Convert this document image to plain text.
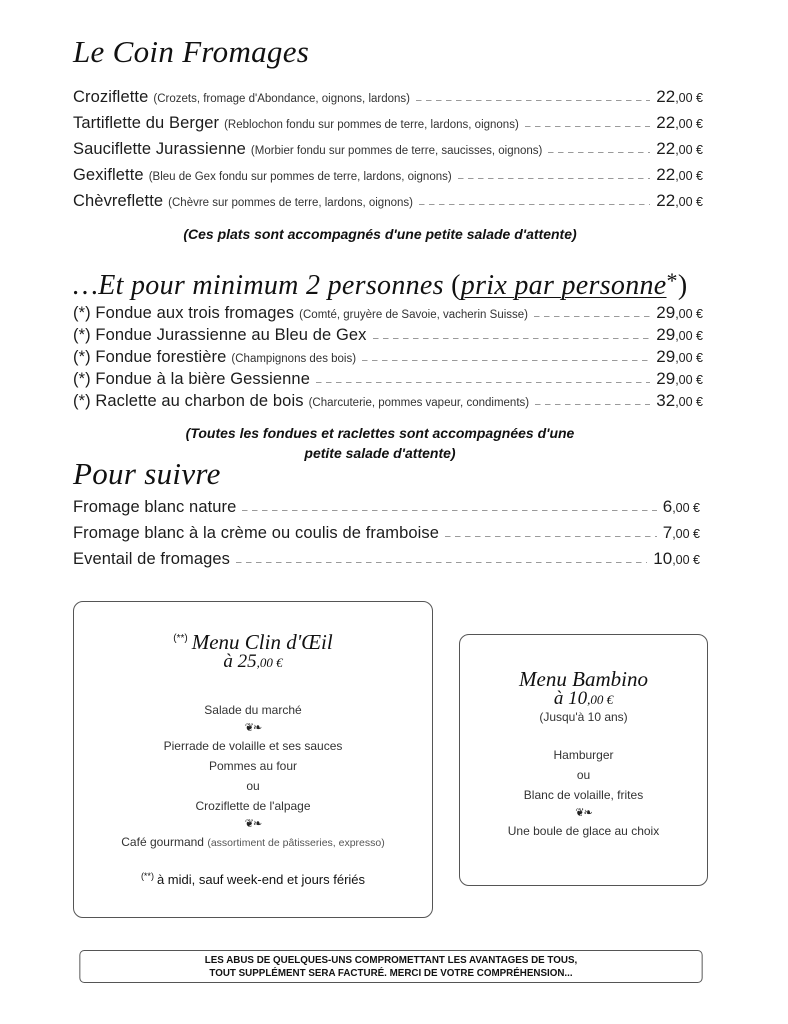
Le Coin Fromages
Croziflette (Crozets, fromage d'Abondance, oignons, lardons)	22,00 €
Tartiflette du Berger (Reblochon fondu sur pommes de terre, lardons, oignons)	22,00 €
Sauciflette Jurassienne (Morbier fondu sur pommes de terre, saucisses, oignons)	22,00 €
Gexiflette (Bleu de Gex fondu sur pommes de terre, lardons, oignons)	22,00 €
Chèvreflette (Chèvre sur pommes de terre, lardons, oignons)	22,00 €
(Ces plats sont accompagnés d'une petite salade d'attente)
…Et pour minimum 2 personnes (prix par personne*)
(*) Fondue aux trois fromages (Comté, gruyère de Savoie, vacherin Suisse)	29,00 €
(*) Fondue Jurassienne au Bleu de Gex	29,00 €
(*) Fondue forestière (Champignons des bois)	29,00 €
(*) Fondue à la bière Gessienne	29,00 €
(*) Raclette au charbon de bois (Charcuterie, pommes vapeur, condiments)	32,00 €
(Toutes les fondues et raclettes sont accompagnées d'une
petite salade d'attente)
Pour suivre
Fromage blanc nature	6,00 €
Fromage blanc à la crème ou coulis de framboise	7,00 €
Eventail de fromages	10,00 €
(**) Menu Clin d'Œil
à 25,00 €
Salade du marché
❦❧
Pierrade de volaille et ses sauces
Pommes au four
ou
Croziflette de l'alpage
❦❧
Café gourmand (assortiment de pâtisseries, expresso)
(**) à midi, sauf week-end et jours fériés
Menu Bambino
à 10,00 €
(Jusqu'à 10 ans)
Hamburger
ou
Blanc de volaille, frites
❦❧
Une boule de glace au choix
LES ABUS DE QUELQUES-UNS COMPROMETTANT LES AVANTAGES DE TOUS,
TOUT SUPPLÉMENT SERA FACTURÉ. MERCI DE VOTRE COMPRÉHENSION...
